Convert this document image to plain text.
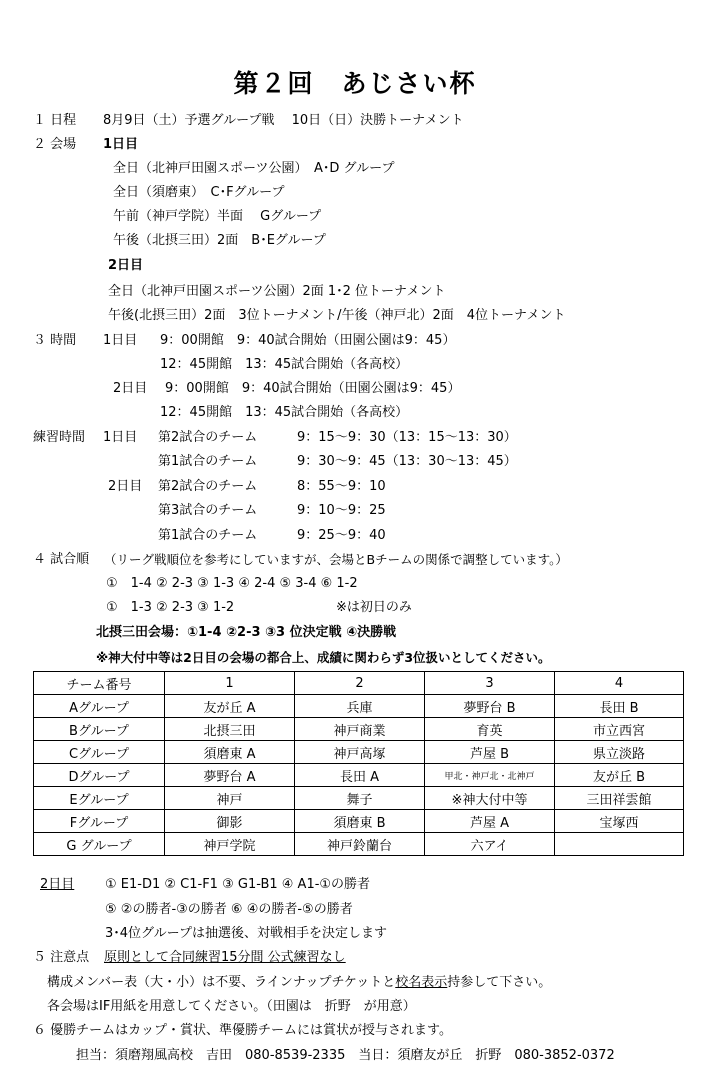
第２回　あじさい杯
１ 日程 8月9日（土）予選グループ戦　 10日（日）決勝トーナメント
２ 会場 1日目
全日（北神戸田園スポーツ公園）　A･D グループ
全日（須磨東）　C･Fグループ
午前（神戸学院）半面　 Gグループ
午後（北摂三田）2面　B･Eグループ
2日目
全日（北神戸田園スポーツ公園）2面 1･2 位トーナメント
午後(北摂三田）2面　3位トーナメント/午後（神戸北）2面　4位トーナメント
３ 時間 1日目 9：00開館　9：40試合開始（田園公園は9：45）
12：45開館　13：45試合開始（各高校）
2日目 9：00開館　9：40試合開始（田園公園は9：45）
12：45開館　13：45試合開始（各高校）
練習時間 1日目 第2試合のチーム	9：15～9：30（13：15～13：30）
第1試合のチーム	9：30～9：45（13：30～13：45）
2日目 第2試合のチーム	8：55～9：10
第3試合のチーム	9：10～9：25
第1試合のチーム	9：25～9：40
４ 試合順 （リーグ戦順位を参考にしていますが、会場とBチームの関係で調整しています。）
①　1-4 ② 2-3 ③ 1-3 ④ 2-4 ⑤ 3-4 ⑥ 1-2
①　1-3 ② 2-3 ③ 1-2	※は初日のみ
北摂三田会場：①1-4 ②2-3 ③3 位決定戦 ④決勝戦
※神大付中等は2日目の会場の都合上、成績に関わらず3位扱いとしてください。
チーム番号	1	2	3	4
Aグループ	友が丘 A	兵庫	夢野台 B	長田 B
Bグループ	北摂三田	神戸商業	育英	市立西宮
Cグループ	須磨東 A	神戸高塚	芦屋 B	県立淡路
Dグループ	夢野台 A	長田 A	甲北・神戸北・北神戸	友が丘 B
Eグループ	神戸	舞子	※神大付中等	三田祥雲館
Fグループ	御影	須磨東 B	芦屋 A	宝塚西
G グループ	神戸学院	神戸鈴蘭台	六アイ	
2日目 ① E1-D1 ② C1-F1 ③ G1-B1 ④ A1-①の勝者
⑤ ②の勝者-③の勝者 ⑥ ④の勝者-⑤の勝者
3･4位グループは抽選後、対戦相手を決定します
５ 注意点 原則として合同練習15分間 公式練習なし
構成メンバー表（大・小）は不要、ラインナップチケットと校名表示持参して下さい。
各会場はIF用紙を用意してください。（田園は　折野　が用意）
６ 優勝チームはカップ・賞状、準優勝チームには賞状が授与されます。
担当：須磨翔風高校　吉田　080-8539-2335　当日：須磨友が丘　折野　080-3852-0372
